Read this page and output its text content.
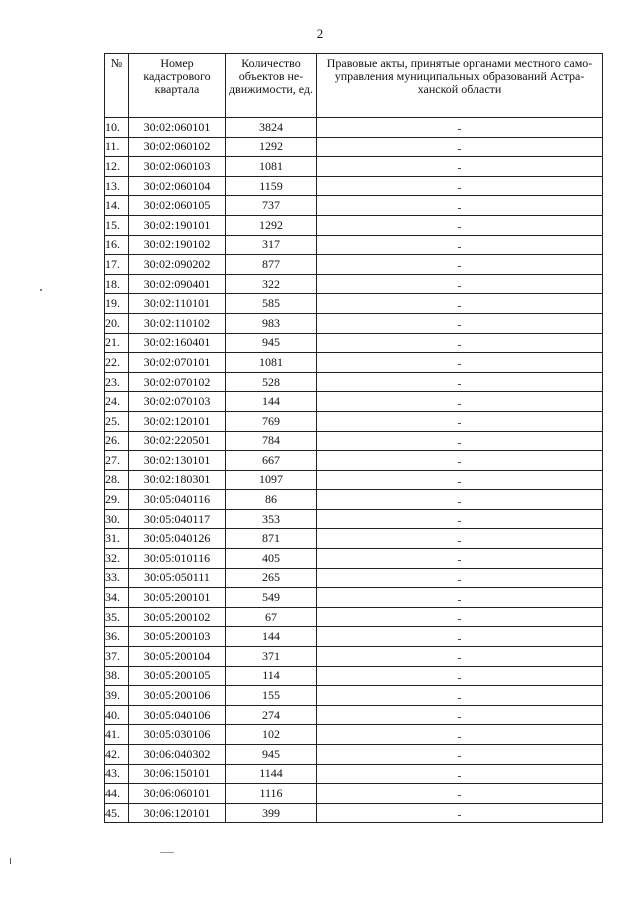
2
№	Номер кадастрового квартала	Количество объектов не-движимости, ед.	Правовые акты, принятые органами местного само-управления муниципальных образований Астра-ханской области
10.	30:02:060101	3824	-
11.	30:02:060102	1292	-
12.	30:02:060103	1081	-
13.	30:02:060104	1159	-
14.	30:02:060105	737	-
15.	30:02:190101	1292	-
16.	30:02:190102	317	-
17.	30:02:090202	877	-
18.	30:02:090401	322	-
19.	30:02:110101	585	-
20.	30:02:110102	983	-
21.	30:02:160401	945	-
22.	30:02:070101	1081	-
23.	30:02:070102	528	-
24.	30:02:070103	144	-
25.	30:02:120101	769	-
26.	30:02:220501	784	-
27.	30:02:130101	667	-
28.	30:02:180301	1097	-
29.	30:05:040116	86	-
30.	30:05:040117	353	-
31.	30:05:040126	871	-
32.	30:05:010116	405	-
33.	30:05:050111	265	-
34.	30:05:200101	549	-
35.	30:05:200102	67	-
36.	30:05:200103	144	-
37.	30:05:200104	371	-
38.	30:05:200105	114	-
39.	30:05:200106	155	-
40.	30:05:040106	274	-
41.	30:05:030106	102	-
42.	30:06:040302	945	-
43.	30:06:150101	1144	-
44.	30:06:060101	1116	-
45.	30:06:120101	399	-
